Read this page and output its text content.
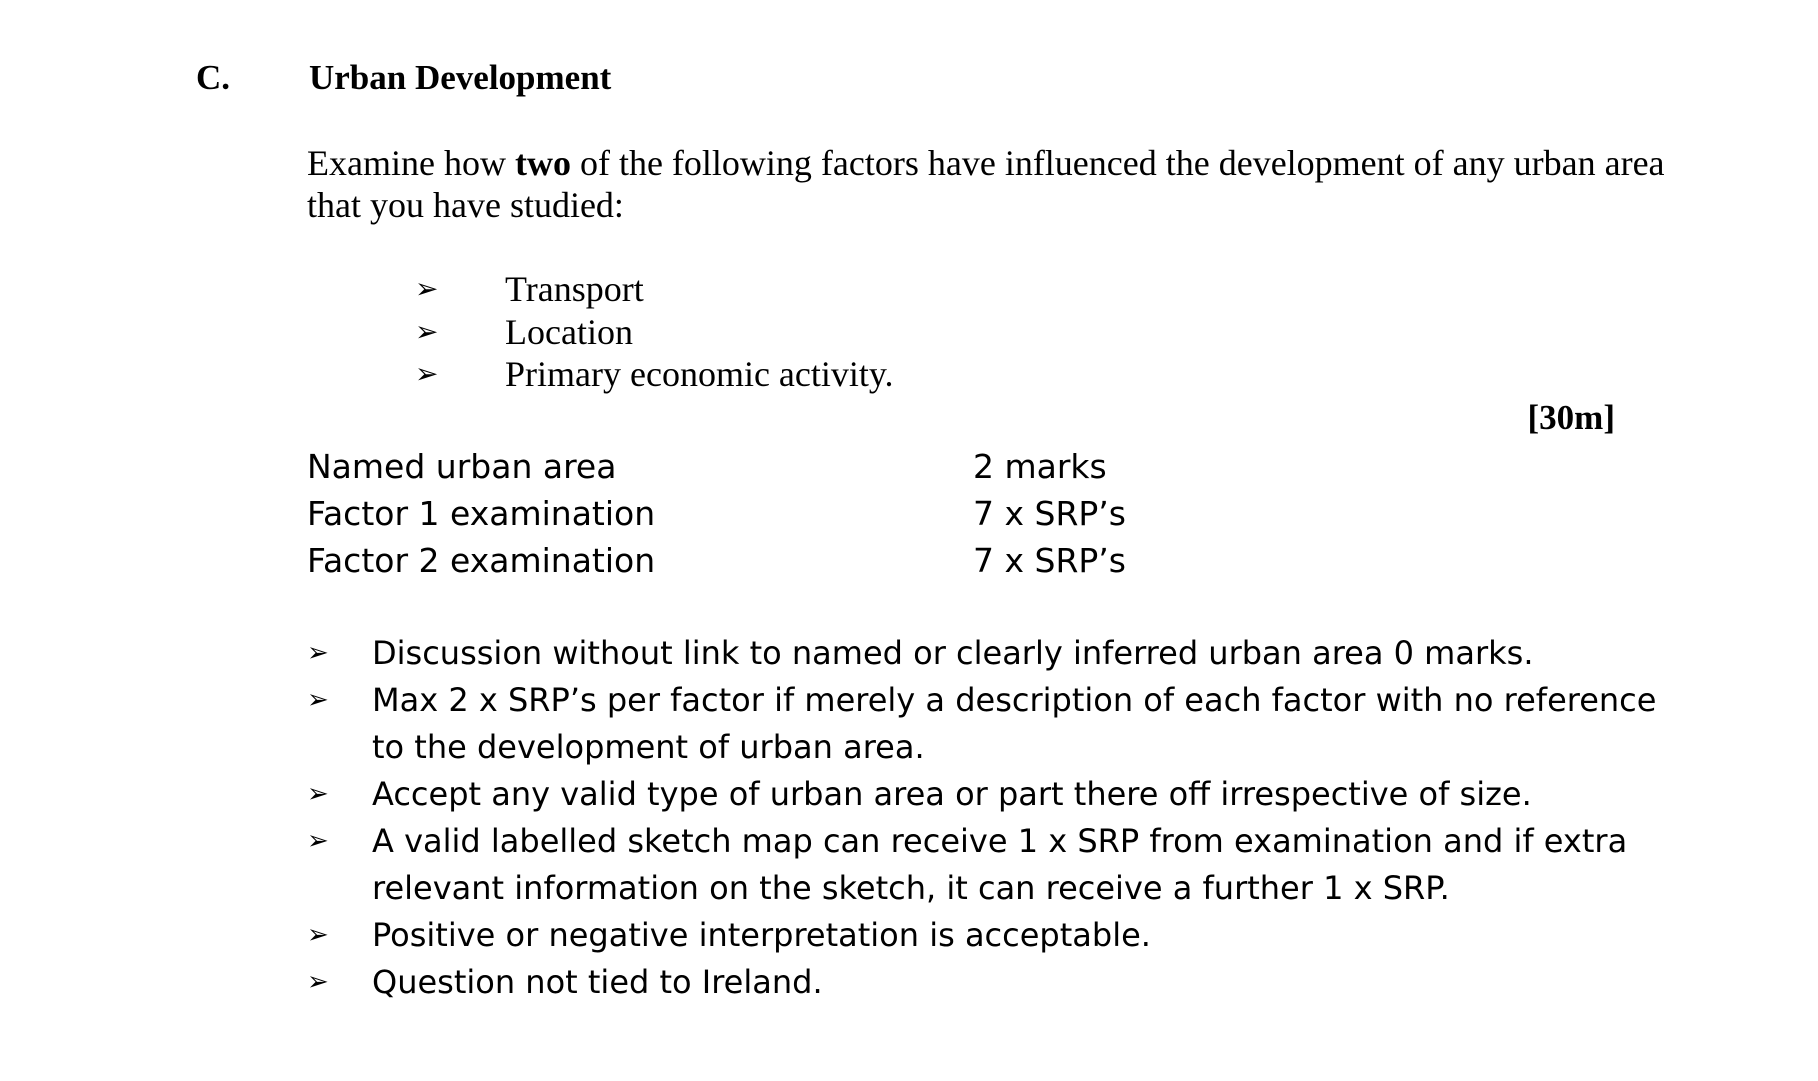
C. Urban Development

Examine how two of the following factors have influenced the development of any urban area that you have studied:

➢ Transport
➢ Location
➢ Primary economic activity.
[30m]
Named urban area	2 marks
Factor 1 examination	7 x SRP’s
Factor 2 examination	7 x SRP’s
➢ Discussion without link to named or clearly inferred urban area 0 marks.
➢ Max 2 x SRP’s per factor if merely a description of each factor with no reference to the development of urban area.
➢ Accept any valid type of urban area or part there off irrespective of size.
➢ A valid labelled sketch map can receive 1 x SRP from examination and if extra relevant information on the sketch, it can receive a further 1 x SRP.
➢ Positive or negative interpretation is acceptable.
➢ Question not tied to Ireland.
